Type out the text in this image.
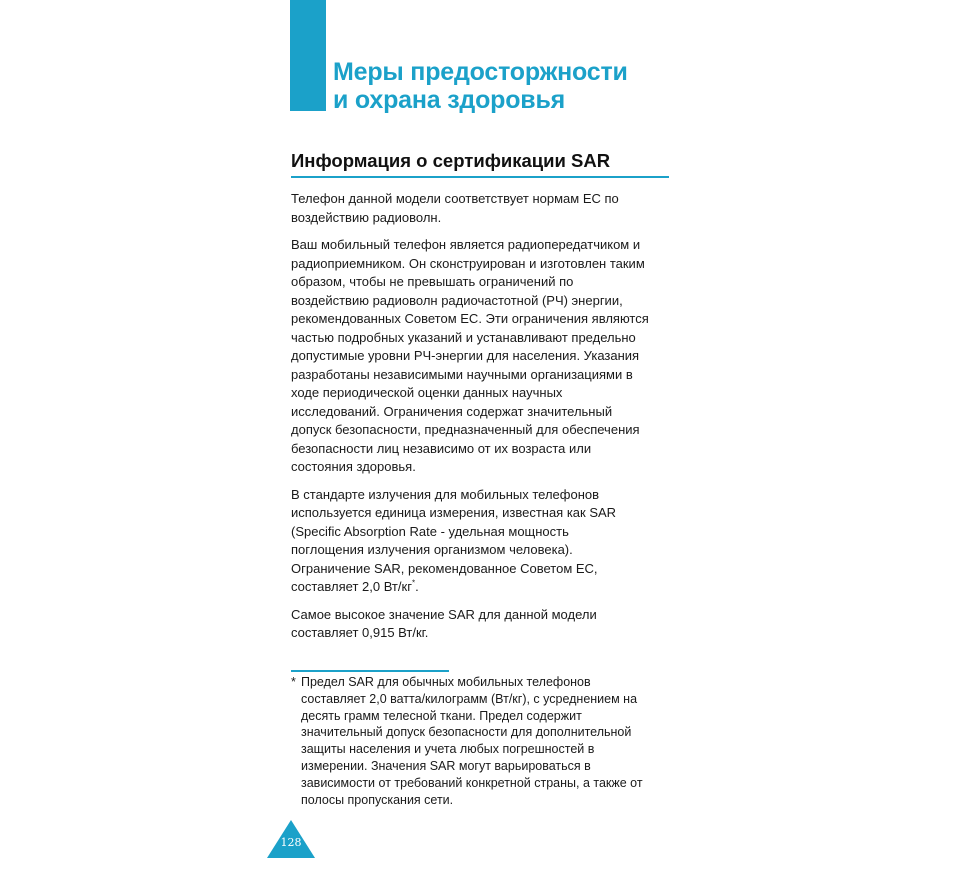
Меры предосторжности
и охрана здоровья
Информация о сертификации SAR

Телефон данной модели соответствует нормам ЕС по
воздействию радиоволн.

Ваш мобильный телефон является радиопередатчиком и
радиоприемником. Он сконструирован и изготовлен таким
образом, чтобы не превышать ограничений по
воздействию радиоволн радиочастотной (РЧ) энергии,
рекомендованных Советом ЕС. Эти ограничения являются
частью подробных указаний и устанавливают предельно
допустимые уровни РЧ-энергии для населения. Указания
разработаны независимыми научными организациями в
ходе периодической оценки данных научных
исследований. Ограничения содержат значительный
допуск безопасности, предназначенный для обеспечения
безопасности лиц независимо от их возраста или
состояния здоровья.

В стандарте излучения для мобильных телефонов
используется единица измерения, известная как SAR
(Specific Absorption Rate - удельная мощность
поглощения излучения организмом человека).
Ограничение SAR, рекомендованное Советом ЕС,
составляет 2,0 Вт/кг*.

Самое высокое значение SAR для данной модели
составляет 0,915 Вт/кг.

* Предел SAR для обычных мобильных телефонов
составляет 2,0 ватта/килограмм (Вт/кг), с усреднением на
десять грамм телесной ткани. Предел содержит
значительный допуск безопасности для дополнительной
защиты населения и учета любых погрешностей в
измерении. Значения SAR могут варьироваться в
зависимости от требований конкретной страны, а также от
полосы пропускания сети.
128
